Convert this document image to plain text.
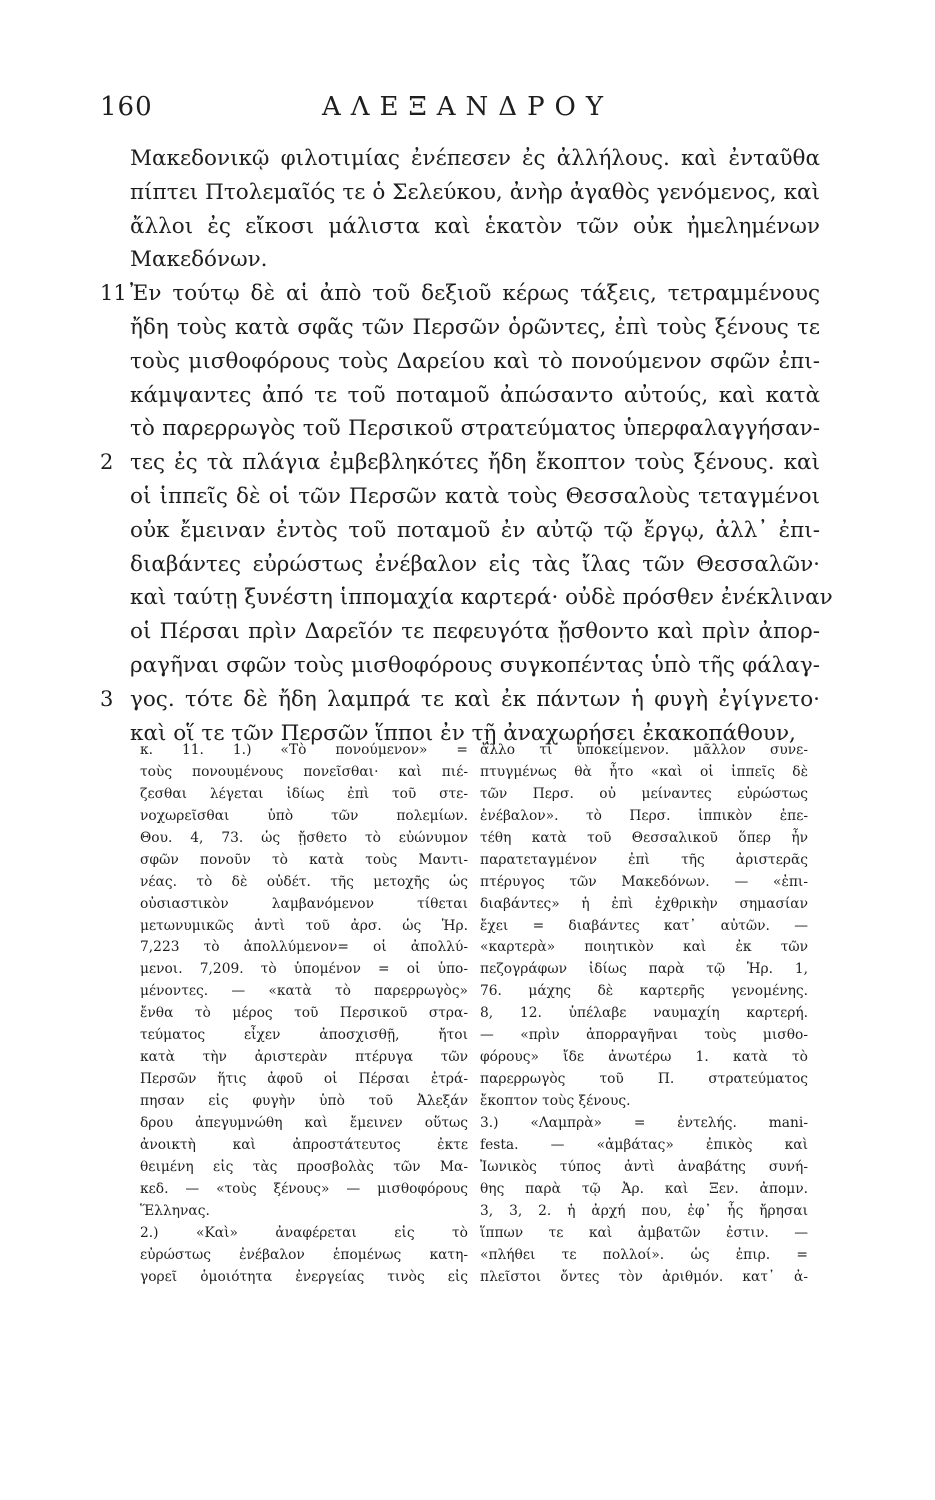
160	ΑΛΕΞΑΝΔΡΟΥ
Μακεδονικῷ φιλοτιμίας ἐνέπεσεν ἐς ἀλλήλους. καὶ ἐνταῦθα
πίπτει Πτολεμαῖός τε ὁ Σελεύκου, ἀνὴρ ἀγαθὸς γενόμενος, καὶ
ἄλλοι ἐς εἴκοσι μάλιστα καὶ ἑκατὸν τῶν οὐκ ἠμελημένων
Μακεδόνων.
11 Ἐν τούτῳ δὲ αἱ ἀπὸ τοῦ δεξιοῦ κέρως τάξεις, τετραμμένους
ἤδη τοὺς κατὰ σφᾶς τῶν Περσῶν ὁρῶντες, ἐπὶ τοὺς ξένους τε
τοὺς μισθοφόρους τοὺς Δαρείου καὶ τὸ πονούμενον σφῶν ἐπι-
κάμψαντες ἀπό τε τοῦ ποταμοῦ ἀπώσαντο αὐτούς, καὶ κατὰ
τὸ παρερρωγὸς τοῦ Περσικοῦ στρατεύματος ὑπερφαλαγγήσαν-
2 τες ἐς τὰ πλάγια ἐμβεβληκότες ἤδη ἔκοπτον τοὺς ξένους. καὶ
οἱ ἱππεῖς δὲ οἱ τῶν Περσῶν κατὰ τοὺς Θεσσαλοὺς τεταγμένοι
οὐκ ἔμειναν ἐντὸς τοῦ ποταμοῦ ἐν αὐτῷ τῷ ἔργῳ, ἀλλ᾽ ἐπι-
διαβάντες εὐρώστως ἐνέβαλον εἰς τὰς ἴλας τῶν Θεσσαλῶν·
καὶ ταύτῃ ξυνέστη ἱππομαχία καρτερά· οὐδὲ πρόσθεν ἐνέκλιναν
οἱ Πέρσαι πρὶν Δαρεῖόν τε πεφευγότα ᾔσθοντο καὶ πρὶν ἀπορ-
ραγῆναι σφῶν τοὺς μισθοφόρους συγκοπέντας ὑπὸ τῆς φάλαγ-
3 γος. τότε δὲ ἤδη λαμπρά τε καὶ ἐκ πάντων ἡ φυγὴ ἐγίγνετο·
καὶ οἵ τε τῶν Περσῶν ἵπποι ἐν τῇ ἀναχωρήσει ἐκακοπάθουν,
κ. 11. 1.) «Τὸ πονούμενον» =
τοὺς πονουμένους πονεῖσθαι· καὶ πιέ-
ζεσθαι λέγεται ἰδίως ἐπὶ τοῦ στε-
νοχωρεῖσθαι ὑπὸ τῶν πολεμίων.
Θου. 4, 73. ὡς ᾔσθετο τὸ εὐώνυμον
σφῶν πονοῦν τὸ κατὰ τοὺς Μαντι-
νέας. τὸ δὲ οὐδέτ. τῆς μετοχῆς ὡς
οὐσιαστικὸν λαμβανόμενον τίθεται
μετωνυμικῶς ἀντὶ τοῦ ἀρσ. ὡς Ἡρ.
7,223 τὸ ἀπολλύμενον= οἱ ἀπολλύ-
μενοι. 7,209. τὸ ὑπομένον = οἱ ὑπο-
μένοντες. — «κατὰ τὸ παρερρωγὸς»
ἔνθα τὸ μέρος τοῦ Περσικοῦ στρα-
τεύματος εἶχεν ἀποσχισθῇ, ἤτοι
κατὰ τὴν ἀριστερὰν πτέρυγα τῶν
Περσῶν ἥτις ἀφοῦ οἱ Πέρσαι ἐτρά-
πησαν εἰς φυγὴν ὑπὸ τοῦ Ἀλεξάν
δρου ἀπεγυμνώθη καὶ ἔμεινεν οὕτως
ἀνοικτὴ καὶ ἀπροστάτευτος ἐκτε
θειμένη εἰς τὰς προσβολὰς τῶν Μα-
κεδ. — «τοὺς ξένους» — μισθοφόρους
Ἕλληνας.
2.) «Καὶ» ἀναφέρεται εἰς τὸ
εὐρώστως ἐνέβαλον ἑπομένως κατη-
γορεῖ ὁμοιότητα ἐνεργείας τινὸς εἰς
ἄλλο τι ὑποκείμενον. μᾶλλον συνε-
πτυγμένως θὰ ἦτο «καὶ οἱ ἱππεῖς δὲ
τῶν Περσ. οὐ μείναντες εὐρώστως
ἐνέβαλον». τὸ Περσ. ἱππικὸν ἐπε-
τέθη κατὰ τοῦ Θεσσαλικοῦ ὅπερ ἦν
παρατεταγμένον ἐπὶ τῆς ἀριστερᾶς
πτέρυγος τῶν Μακεδόνων. — «ἐπι-
διαβάντες» ἡ ἐπὶ ἐχθρικὴν σημασίαν
ἔχει = διαβάντες κατ᾽ αὐτῶν. —
«καρτερὰ» ποιητικὸν καὶ ἐκ τῶν
πεζογράφων ἰδίως παρὰ τῷ Ἡρ. 1,
76. μάχης δὲ καρτερῆς γενομένης.
8, 12. ὑπέλαβε ναυμαχίη καρτερή.
— «πρὶν ἀπορραγῆναι τοὺς μισθο-
φόρους» ἴδε ἀνωτέρω 1. κατὰ τὸ
παρερρωγὸς τοῦ Π. στρατεύματος
ἔκοπτον τοὺς ξένους.
3.) «Λαμπρὰ» = ἐντελής. mani-
festa. — «ἀμβάτας» ἐπικὸς καὶ
Ἰωνικὸς τύπος ἀντὶ ἀναβάτης συνή-
θης παρὰ τῷ Ἀρ. καὶ Ξεν. ἀπομν.
3, 3, 2. ἡ ἀρχή που, ἐφ᾽ ἧς ἤρησαι
ἵππων τε καὶ ἀμβατῶν ἐστιν. —
«πλήθει τε πολλοί». ὡς ἐπιρ. =
πλεῖστοι ὄντες τὸν ἀριθμόν. κατ᾽ ἀ-
